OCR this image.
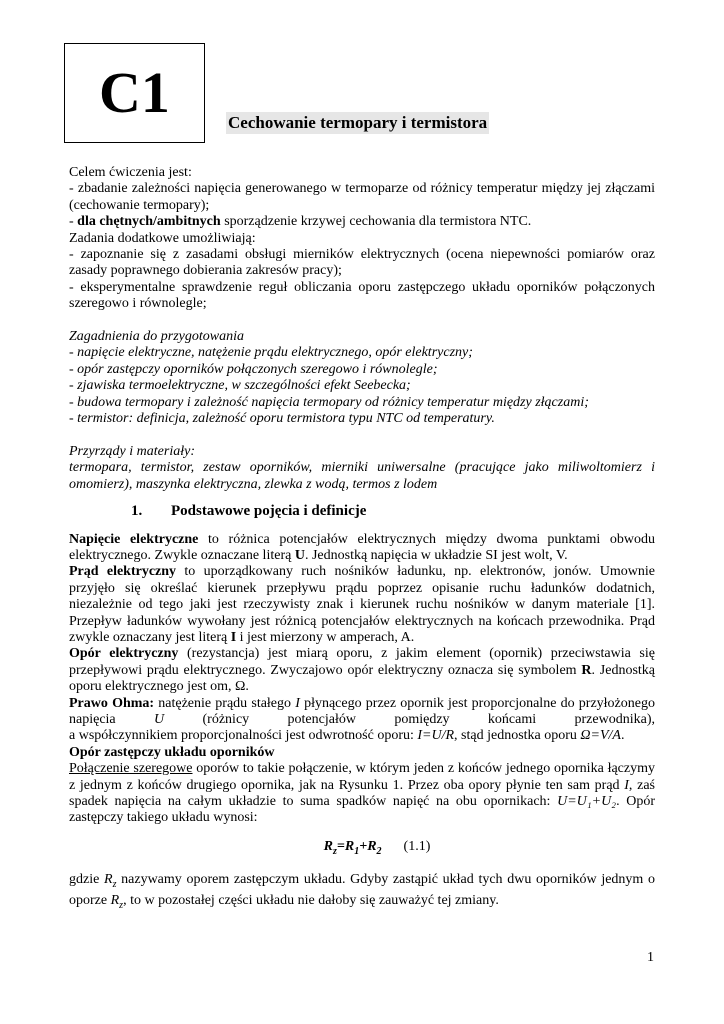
C1	Cechowanie termopary i termistora

Celem ćwiczenia jest:

- zbadanie zależności napięcia generowanego w termoparze od różnicy temperatur między jej złączami (cechowanie termopary);

- dla chętnych/ambitnych sporządzenie krzywej cechowania dla termistora NTC.

Zadania dodatkowe umożliwiają:

- zapoznanie się z zasadami obsługi mierników elektrycznych (ocena niepewności pomiarów oraz zasady poprawnego dobierania zakresów pracy);

- eksperymentalne sprawdzenie reguł obliczania oporu zastępczego układu oporników połączonych szeregowo i równolegle;

Zagadnienia do przygotowania

- napięcie elektryczne, natężenie prądu elektrycznego, opór elektryczny;

- opór zastępczy oporników połączonych szeregowo i równolegle;

- zjawiska termoelektryczne, w szczególności efekt Seebecka;

- budowa termopary i zależność napięcia termopary od różnicy temperatur między złączami;

- termistor: definicja, zależność oporu termistora typu NTC od temperatury.

Przyrządy i materiały:

termopara, termistor, zestaw oporników, mierniki uniwersalne (pracujące jako miliwoltomierz i omomierz), maszynka elektryczna, zlewka z wodą, termos z lodem

1. Podstawowe pojęcia i definicje

Napięcie elektryczne to różnica potencjałów elektrycznych między dwoma punktami obwodu elektrycznego. Zwykle oznaczane literą U. Jednostką napięcia w układzie SI jest wolt, V.

Prąd elektryczny to uporządkowany ruch nośników ładunku, np. elektronów, jonów. Umownie przyjęło się określać kierunek przepływu prądu poprzez opisanie ruchu ładunków dodatnich, niezależnie od tego jaki jest rzeczywisty znak i kierunek ruchu nośników w danym materiale [1]. Przepływ ładunków wywołany jest różnicą potencjałów elektrycznych na końcach przewodnika. Prąd zwykle oznaczany jest literą I i jest mierzony w amperach, A.

Opór elektryczny (rezystancja) jest miarą oporu, z jakim element (opornik) przeciwstawia się przepływowi prądu elektrycznego. Zwyczajowo opór elektryczny oznacza się symbolem R. Jednostką oporu elektrycznego jest om, Ω.

Prawo Ohma: natężenie prądu stałego I płynącego przez opornik jest proporcjonalne do przyłożonego napięcia U (różnicy potencjałów pomiędzy końcami przewodnika),

a współczynnikiem proporcjonalności jest odwrotność oporu: I=U/R, stąd jednostka oporu Ω=V/A.

Opór zastępczy układu oporników

Połączenie szeregowe oporów to takie połączenie, w którym jeden z końców jednego opornika łączymy z jednym z końców drugiego opornika, jak na Rysunku 1. Przez oba opory płynie ten sam prąd I, zaś spadek napięcia na całym układzie to suma spadków napięć na obu opornikach: U=U₁+U₂. Opór zastępczy takiego układu wynosi:

$R_z=R_1+R_2$ (1.1)

gdzie $R_z$ nazywamy oporem zastępczym układu. Gdyby zastąpić układ tych dwu oporników jednym o oporze $R_z$, to w pozostałej części układu nie dałoby się zauważyć tej zmiany.

1
